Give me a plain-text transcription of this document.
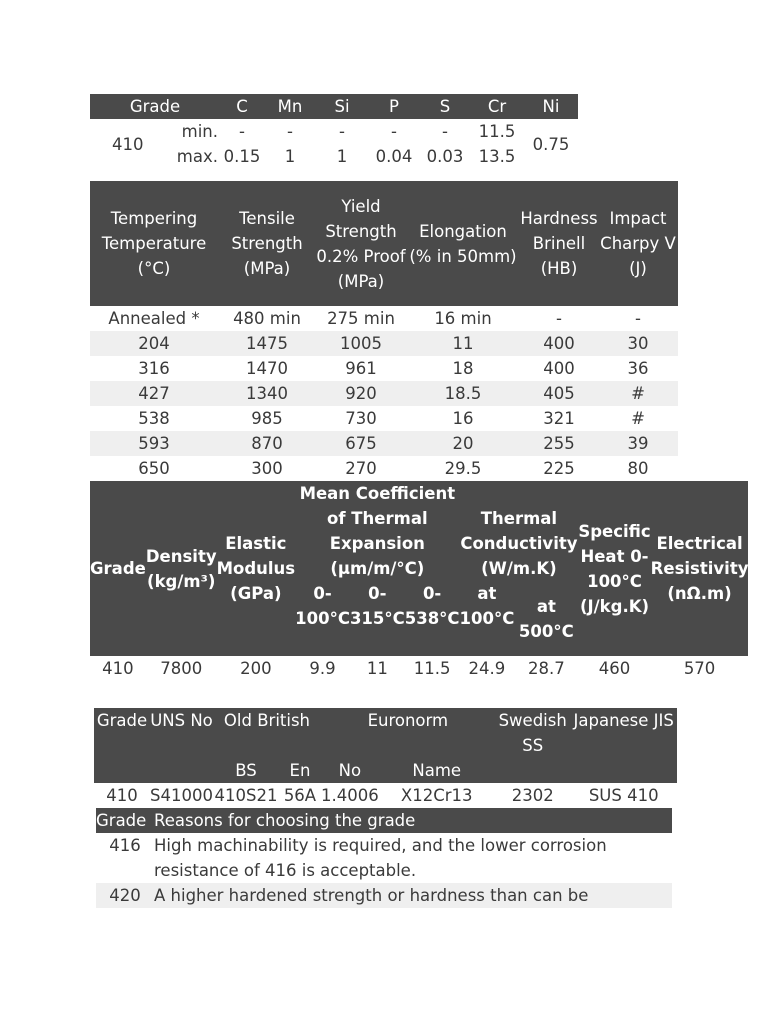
Grade		C	Mn	Si	P	S	Cr	Ni
410	min.	-	-	-	-	-	11.5	0.75

	max.	0.15	1	1	0.04	0.03	13.5	
Tempering Temperature (°C)	Tensile Strength (MPa)	Yield Strength 0.2% Proof (MPa)	Elongation (% in 50mm)	Hardness Brinell (HB)	Impact Charpy V (J)
Annealed *	480 min	275 min	16 min	-	-
204	1475	1005	11	400	30
316	1470	961	18	400	36
427	1340	920	18.5	405	#
538	985	730	16	321	#
593	870	675	20	255	39
650	300	270	29.5	225	80
Grade	Density (kg/m³)	Elastic Modulus (GPa)	Mean Coefficient of Thermal Expansion (μm/m/°C)			Thermal Conductivity (W/m.K)		Specific Heat 0-100°C (J/kg.K)	Electrical Resistivity (nΩ.m)
			0-100°C	0-315°C	0-538°C	at 100°C	at 500°C		
410	7800	200	9.9	11	11.5	24.9	28.7	460	570
Grade	UNS No	Old British		Euronorm		Swedish SS	Japanese JIS
		BS	En	No	Name		
410	S41000	410S21	56A	1.4006	X12Cr13	2302	SUS 410
Grade	Reasons for choosing the grade
416	High machinability is required, and the lower corrosion resistance of 416 is acceptable.
420	A higher hardened strength or hardness than can be
